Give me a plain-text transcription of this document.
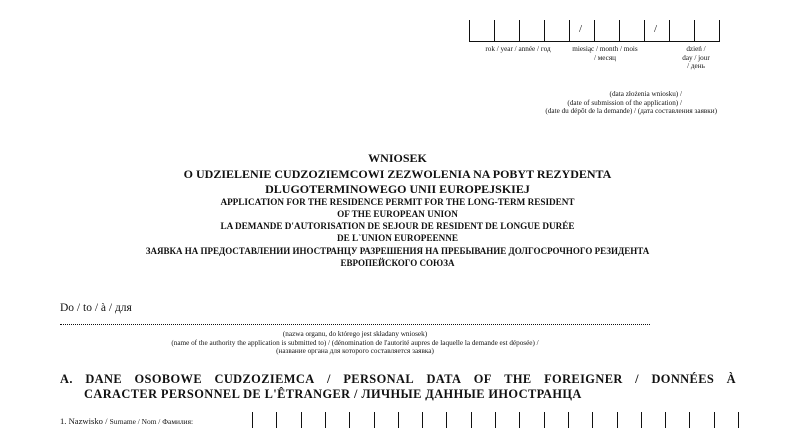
/	/
rok / year / année / год	miesiąc / month / mois
/ месяц
dzień /
day / jour
/ день
(data złożenia wniosku) /
(date of submission of the application) /
(date du dépôt de la demande) / (дата составления заявки)
WNIOSEK
O UDZIELENIE CUDZOZIEMCOWI ZEZWOLENIA NA POBYT REZYDENTA
DLUGOTERMINOWEGO UNII EUROPEJSKIEJ
APPLICATION FOR THE RESIDENCE PERMIT FOR THE LONG-TERM RESIDENT
OF THE EUROPEAN UNION
LA DEMANDE D'AUTORISATION DE SEJOUR DE RESIDENT DE LONGUE DURÉE
DE L`UNION EUROPEENNE
ЗАЯВКА НА ПРЕДОСТАВЛЕНИИ ИНОСТРАНЦУ РАЗРЕШЕНИЯ НА ПРЕБЫВАНИЕ ДОЛГОСРОЧНОГО РЕЗИДЕНТА
ЕВРОПЕЙСКОГО СОЮЗА
Do / to / à / для
(nazwa organu, do którego jest składany wniosek)
(name of the authority the application is submitted to) / (dénomination de l'autorité aupres de laquelle la demande est déposée) /
(название органа для которого составляется заявка)
A. DANE OSOBOWE CUDZOZIEMCA / PERSONAL DATA OF THE FOREIGNER / DONNÉES À
CARACTER PERSONNEL DE L'ÊTRANGER / ЛИЧНЫЕ ДАННЫЕ ИНОСТРАНЦА
1. Nazwisko / Surname / Nom / Фамилия:
